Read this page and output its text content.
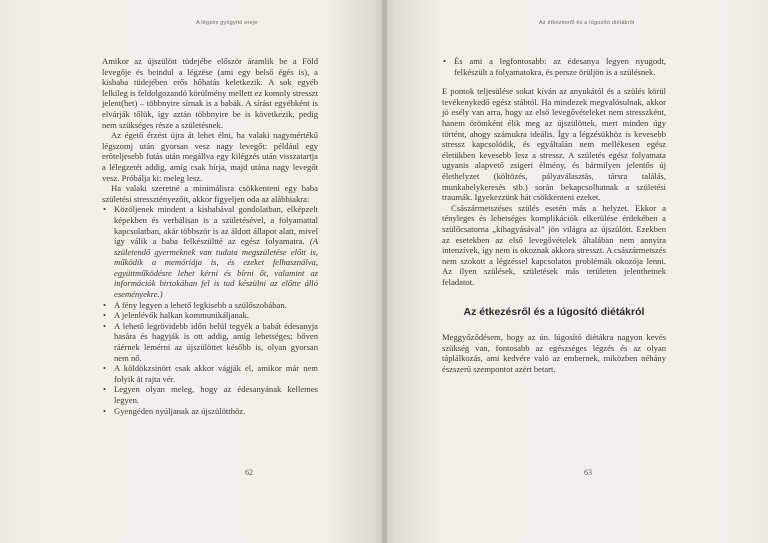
A légzés gyógyító ereje

Amikor az újszülött tüdejébe először áramlik be a Föld levegője és beindul a légzése (ami egy belső égés is), a kisbaba tüdejében erős hőhatás keletkezik. A sok egyéb lelkileg is feldolgozandó körülmény mellett ez komoly stresszt jelent(het) – többnyire sírnak is a babák. A sírást egyébként is elvárják tőlük, így aztán többnyire be is következik, pedig nem szükséges része a születésnek.

Az égető érzést újra át lehet élni, ha valaki nagymértékű légszomj után gyorsan vesz nagy levegőt: például egy erőteljesebb futás után megállva egy kilégzés után visszatartja a lélegzetét addig, amíg csak bírja, majd utána nagy levegőt vesz. Próbálja ki: meleg lesz.

Ha valaki szeretné a minimálisra csökkenteni egy baba születési stressztényezőit, akkor figyeljen oda az alábbiakra:

• Közöljenek mindent a kisbabával gondolatban, elképzelt képekben és verbálisan is a születésével, a folyamattal kapcsolatban, akár többször is az áldott állapot alatt, mivel így válik a baba felkészültté az egész folyamatra. (A születendő gyermeknek van tudata megszületése előtt is, működik a memóriája is, és ezeket felhasználva, együttműködésre lehet kérni és bírni őt, valamint az információk birtokában fel is tud készülni az előtte álló eseményekre.)
• A fény legyen a lehető legkisebb a szülőszobában.
• A jelenlévők halkan kommunikáljanak.
• A lehető legrövidebb időn belül tegyék a babát édesanyja hasára és hagyják is ott addig, amíg lehetséges; bőven ráérnek lemérni az újszülöttet később is, olyan gyorsan nem nő.
• A köldökzsinórt csak akkor vágják el, amikor már nem folyik át rajta vér.
• Legyen olyan meleg, hogy az édesanyának kellemes legyen.
• Gyengéden nyúljanak az újszülötthöz.
62
Az étkezésről és a lúgosító diétákról
• És ami a legfontosabb: az édesanya legyen nyugodt, felkészült a folyamatokra, és persze örüljön is a szülésnek.

E pontok teljesülése sokat kíván az anyukától és a szülés körül tevékenykedő egész stábtól. Ha mindezek megvalósulnak, akkor jó esély van arra, hogy az első levegővételeket nem stresszként, hanem örömként élik meg az újszülöttek, mert minden úgy történt, ahogy számukra ideális. Így a légzésükhöz is kevesebb stressz kapcsolódik, és egyáltalán nem mellékesen egész életükben kevesebb lesz a stressz. A születés egész folyamata ugyanis alapvető zsigeri élmény, és bármilyen jelentős új élethelyzet (költözés, pályaválasztás, társra találás, munkahelykeresés stb.) során bekapcsolhatnak a születési traumák. Igyekezzünk hát csökkenteni ezeket.

Császármetszéses szülés esetén más a helyzet. Ekkor a tényleges és lehetséges komplikációk elkerülése érdekében a szülőcsatorna „kihagyásával” jön világra az újszülött. Ezekben az esetekben az első levegővételek általában nem annyira intenzívek, így nem is okoznak akkora stresszt. A császármetszés nem szokott a légzéssel kapcsolatos problémák okozója lenni. Az ilyen szülések, születések más területen jelenthetnek feladatot.

Az étkezésről és a lúgosító diétákról

Meggyőződésem, hogy az ún. lúgosító diétákra nagyon kevés szükség van, fontosabb az egészséges légzés és az olyan táplálkozás, ami kedvére való az embernek, miközben néhány észszerű szempontot azért betart.

63
